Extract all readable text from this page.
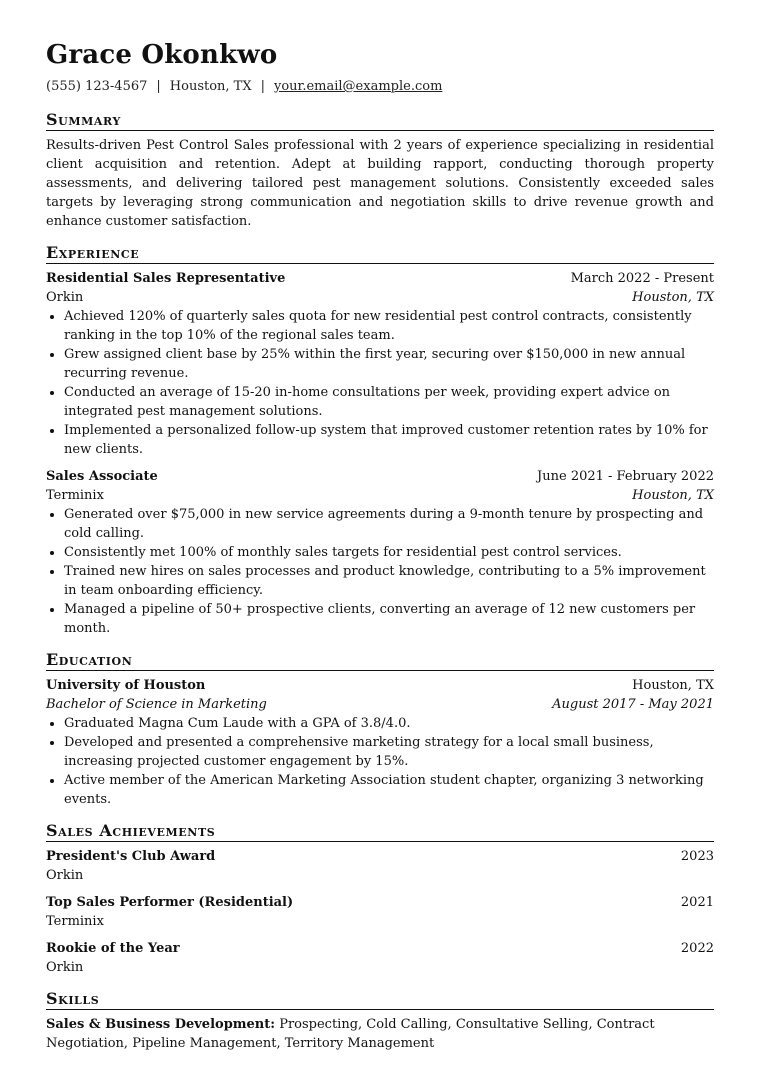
Grace Okonkwo
(555) 123-4567 | Houston, TX | your.email@example.com
Summary

Results-driven Pest Control Sales professional with 2 years of experience specializing in residential client acquisition and retention. Adept at building rapport, conducting thorough property assessments, and delivering tailored pest management solutions. Consistently exceeded sales targets by leveraging strong communication and negotiation skills to drive revenue growth and enhance customer satisfaction.

Experience
Residential Sales Representative	March 2022 - Present
Orkin	Houston, TX
• Achieved 120% of quarterly sales quota for new residential pest control contracts, consistently ranking in the top 10% of the regional sales team.
• Grew assigned client base by 25% within the first year, securing over $150,000 in new annual recurring revenue.
• Conducted an average of 15-20 in-home consultations per week, providing expert advice on integrated pest management solutions.
• Implemented a personalized follow-up system that improved customer retention rates by 10% for new clients.
Sales Associate	June 2021 - February 2022
Terminix	Houston, TX
• Generated over $75,000 in new service agreements during a 9-month tenure by prospecting and cold calling.
• Consistently met 100% of monthly sales targets for residential pest control services.
• Trained new hires on sales processes and product knowledge, contributing to a 5% improvement in team onboarding efficiency.
• Managed a pipeline of 50+ prospective clients, converting an average of 12 new customers per month.
Education
University of Houston	Houston, TX
Bachelor of Science in Marketing	August 2017 - May 2021
• Graduated Magna Cum Laude with a GPA of 3.8/4.0.
• Developed and presented a comprehensive marketing strategy for a local small business, increasing projected customer engagement by 15%.
• Active member of the American Marketing Association student chapter, organizing 3 networking events.
Sales Achievements
President's Club Award	2023
Orkin
Top Sales Performer (Residential)	2021
Terminix
Rookie of the Year	2022
Orkin
Skills
Sales & Business Development: Prospecting, Cold Calling, Consultative Selling, Contract Negotiation, Pipeline Management, Territory Management
